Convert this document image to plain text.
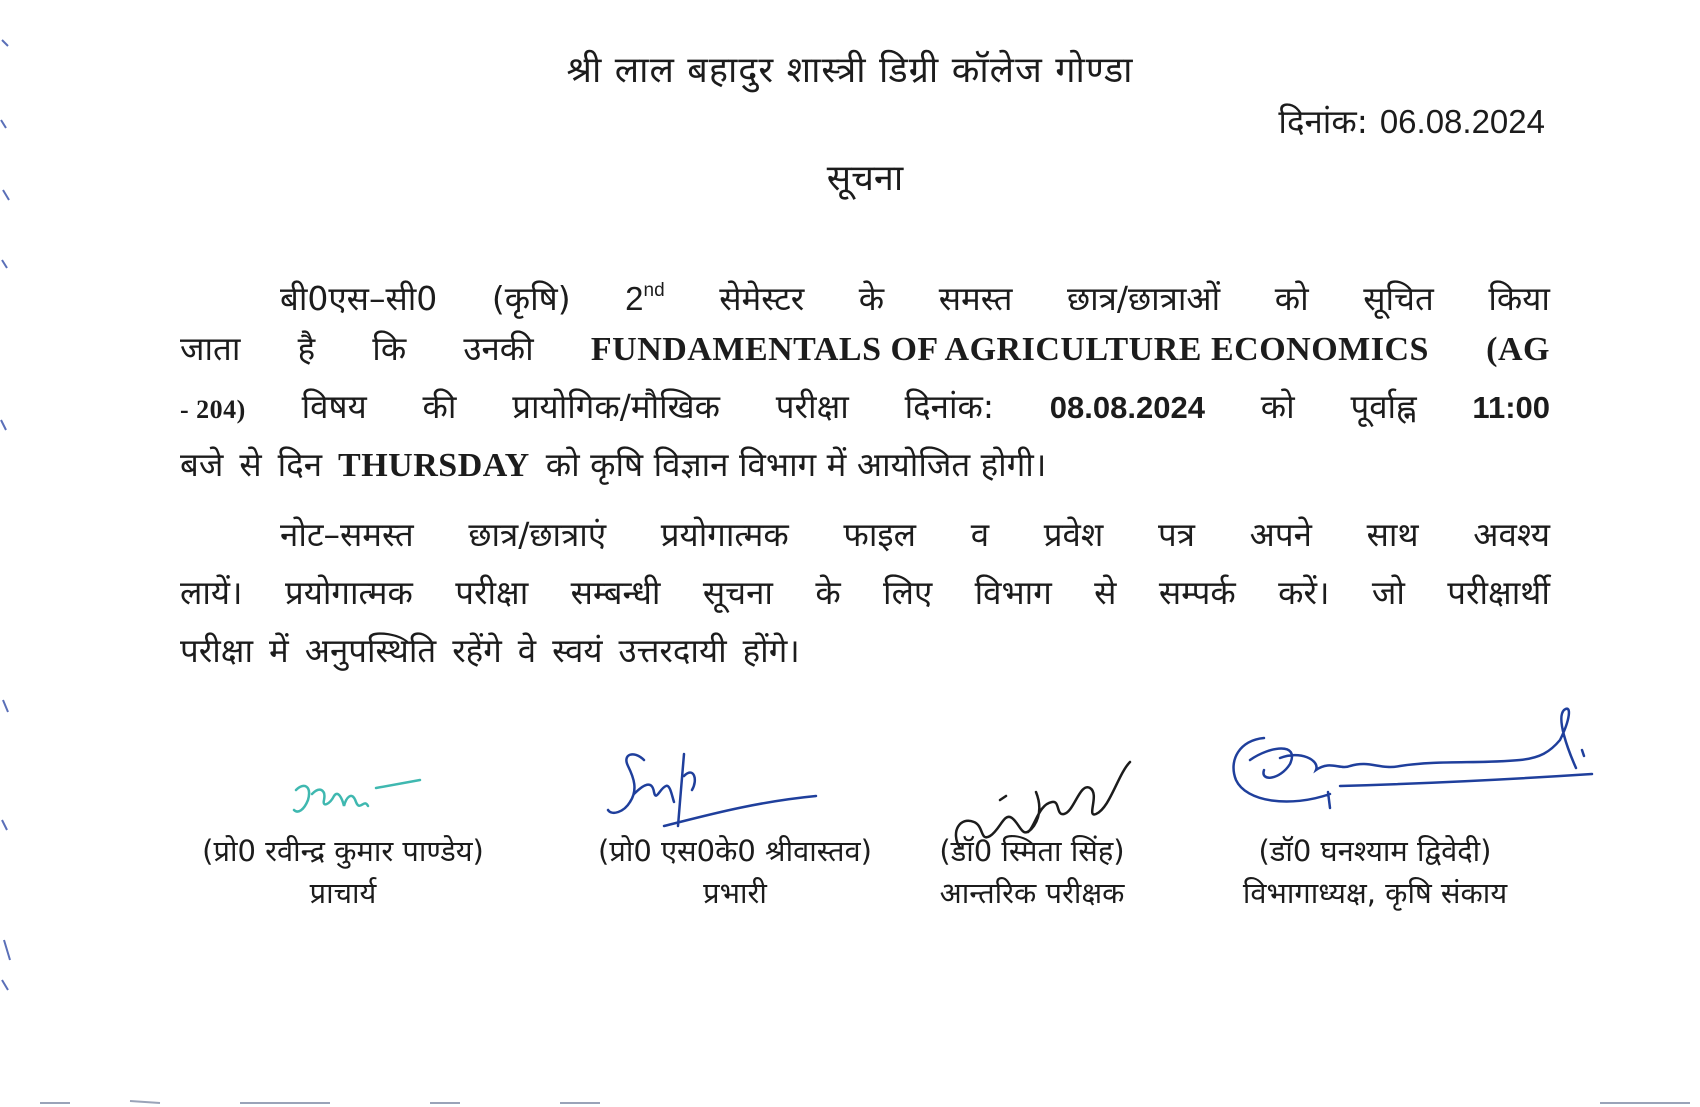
श्री लाल बहादुर शास्त्री डिग्री कॉलेज गोण्डा
दिनांक: 06.08.2024
सूचना
बी0एस–सी0 (कृषि) 2nd सेमेस्टर के समस्त छात्र/छात्राओं को सूचित किया
जाता है कि उनकी FUNDAMENTALS OF AGRICULTURE ECONOMICS (AG
- 204) विषय की प्रायोगिक/मौखिक परीक्षा दिनांक: 08.08.2024 को पूर्वाह्न 11:00
बजे से दिन THURSDAY को कृषि विज्ञान विभाग में आयोजित होगी।
नोट–समस्त छात्र/छात्राएं प्रयोगात्मक फाइल व प्रवेश पत्र अपने साथ अवश्य
लायें। प्रयोगात्मक परीक्षा सम्बन्धी सूचना के लिए विभाग से सम्पर्क करें। जो परीक्षार्थी
परीक्षा में अनुपस्थिति रहेंगे वे स्वयं उत्तरदायी होंगे।
(प्रो0 रवीन्द्र कुमार पाण्डेय)
प्राचार्य
(प्रो0 एस0के0 श्रीवास्तव)
प्रभारी
(डॉ0 स्मिता सिंह)
आन्तरिक परीक्षक
(डॉ0 घनश्याम द्विवेदी)
विभागाध्यक्ष, कृषि संकाय
